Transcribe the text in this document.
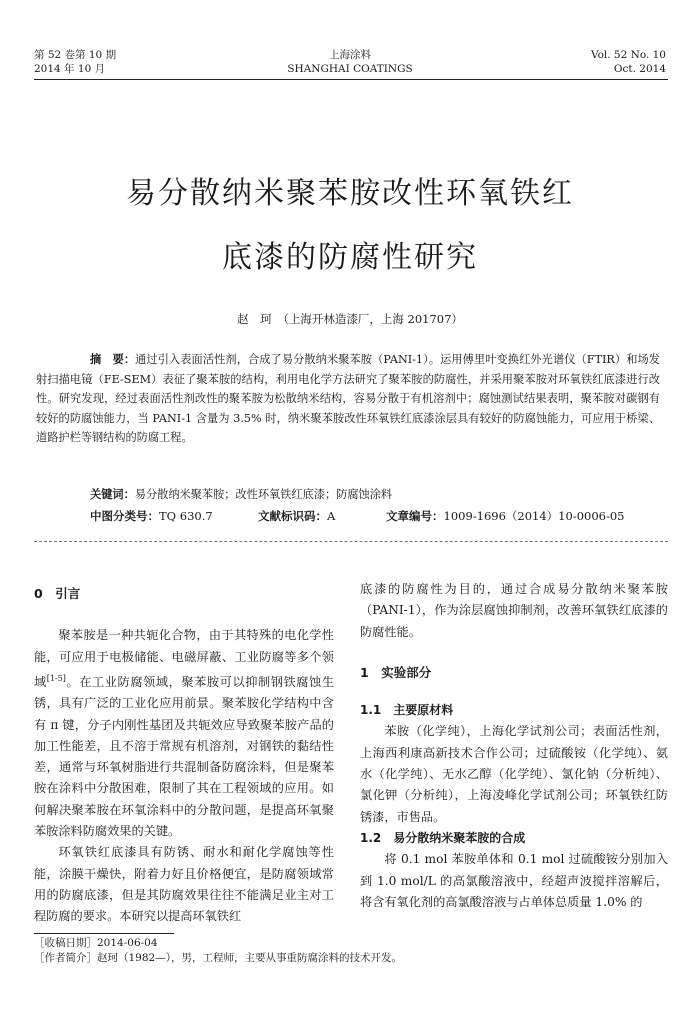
第 52 卷第 10 期
2014 年 10 月
上海涂料
SHANGHAI COATINGS
Vol. 52 No. 10
Oct. 2014
易分散纳米聚苯胺改性环氧铁红
底漆的防腐性研究
赵　珂　（上海开林造漆厂，上海 201707）
摘　要：通过引入表面活性剂，合成了易分散纳米聚苯胺（PANI-1）。运用傅里叶变换红外光谱仪（FTIR）和场发射扫描电镜（FE-SEM）表征了聚苯胺的结构，利用电化学方法研究了聚苯胺的防腐性，并采用聚苯胺对环氧铁红底漆进行改性。研究发现，经过表面活性剂改性的聚苯胺为松散纳米结构，容易分散于有机溶剂中；腐蚀测试结果表明，聚苯胺对碳钢有较好的防腐蚀能力，当 PANI-1 含量为 3.5% 时，纳米聚苯胺改性环氧铁红底漆涂层具有较好的防腐蚀能力，可应用于桥梁、道路护栏等钢结构的防腐工程。
关键词：易分散纳米聚苯胺；改性环氧铁红底漆；防腐蚀涂料
中图分类号：TQ 630.7	文献标识码：A	文章编号：1009-1696（2014）10-0006-05
0　引言

聚苯胺是一种共轭化合物，由于其特殊的电化学性能，可应用于电极储能、电磁屏蔽、工业防腐等多个领域[1-5]。在工业防腐领域，聚苯胺可以抑制钢铁腐蚀生锈，具有广泛的工业化应用前景。聚苯胺化学结构中含有 π 键，分子内刚性基团及共轭效应导致聚苯胺产品的加工性能差，且不溶于常规有机溶剂，对钢铁的黏结性差，通常与环氧树脂进行共混制备防腐涂料，但是聚苯胺在涂料中分散困难，限制了其在工程领域的应用。如何解决聚苯胺在环氧涂料中的分散问题，是提高环氧聚苯胺涂料防腐效果的关键。

环氧铁红底漆具有防锈、耐水和耐化学腐蚀等性能，涂膜干燥快，附着力好且价格便宜，是防腐领域常用的防腐底漆，但是其防腐效果往往不能满足业主对工程防腐的要求。本研究以提高环氧铁红

底漆的防腐性为目的，通过合成易分散纳米聚苯胺（PANI-1），作为涂层腐蚀抑制剂，改善环氧铁红底漆的防腐性能。

1　实验部分
1.1　主要原材料

苯胺（化学纯），上海化学试剂公司；表面活性剂，上海西利康高新技术合作公司；过硫酸铵（化学纯）、氨水（化学纯）、无水乙醇（化学纯）、氯化钠（分析纯）、氯化钾（分析纯），上海凌峰化学试剂公司；环氧铁红防锈漆，市售品。

1.2　易分散纳米聚苯胺的合成

将 0.1 mol 苯胺单体和 0.1 mol 过硫酸铵分别加入到 1.0 mol/L 的高氯酸溶液中，经超声波搅拌溶解后，将含有氧化剂的高氯酸溶液与占单体总质量 1.0% 的

［收稿日期］2014-06-04
［作者简介］赵珂（1982—），男，工程师，主要从事重防腐涂料的技术开发。
